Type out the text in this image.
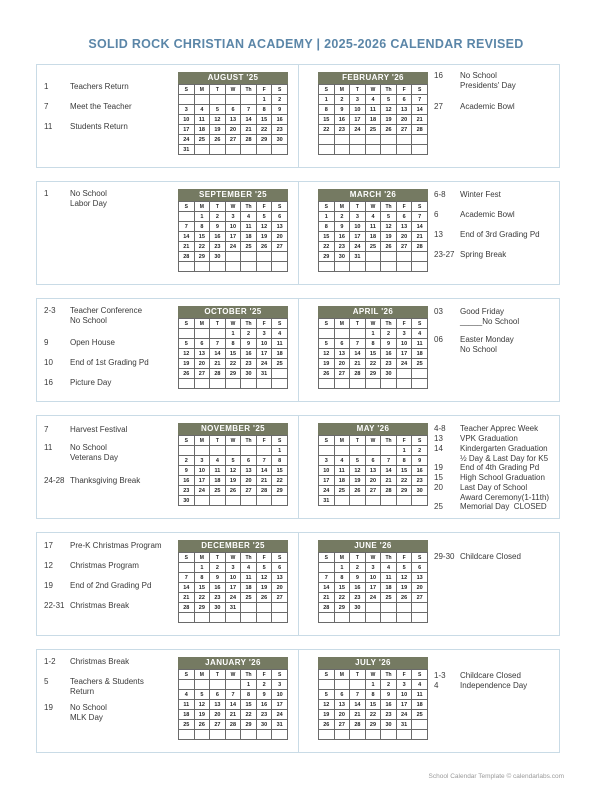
SOLID ROCK CHRISTIAN ACADEMY | 2025-2026 CALENDAR REVISED
1	Teachers Return
7	Meet the Teacher
11	Students Return
16	No School
Presidents' Day
27	Academic Bowl
AUGUST '25
S	M	T	W	Th	F	S
					1	2
3	4	5	6	7	8	9
10	11	12	13	14	15	16
17	18	19	20	21	22	23
24	25	26	27	28	29	30
31						
FEBRUARY '26
S	M	T	W	Th	F	S
1	2	3	4	5	6	7
8	9	10	11	12	13	14
15	16	17	18	19	20	21
22	23	24	25	26	27	28

1	No School
Labor Day
6-8	Winter Fest
6	Academic Bowl
13	End of 3rd Grading Pd
23-27 Spring Break
SEPTEMBER '25
S	M	T	W	Th	F	S
	1	2	3	4	5	6
7	8	9	10	11	12	13
14	15	16	17	18	19	20
21	22	23	24	25	26	27
28	29	30				

MARCH '26
S	M	T	W	Th	F	S
1	2	3	4	5	6	7
8	9	10	11	12	13	14
15	16	17	18	19	20	21
22	23	24	25	26	27	28
29	30	31				

2-3	Teacher Conference
No School
9	Open House
10	End of 1st Grading Pd
16	Picture Day
03	Good Friday
_____No School
06	Easter Monday
No School
OCTOBER '25
S	M	T	W	Th	F	S
			1	2	3	4
5	6	7	8	9	10	11
12	13	14	15	16	17	18
19	20	21	22	23	24	25
26	27	28	29	30	31	

APRIL '26
S	M	T	W	Th	F	S
			1	2	3	4
5	6	7	8	9	10	11
12	13	14	15	16	17	18
19	20	21	22	23	24	25
26	27	28	29	30		

7	Harvest Festival
11	No School
Veterans Day
24-28 Thanksgiving Break
4-8	Teacher Apprec Week
13	VPK Graduation
14	Kindergarten Graduation
½ Day & Last Day for K5
19	End of 4th Grading Pd
15	High School Graduation
20	Last Day of School
Award Ceremony(1-11th)
25	Memorial Day  CLOSED
NOVEMBER '25
S	M	T	W	Th	F	S
						1
2	3	4	5	6	7	8
9	10	11	12	13	14	15
16	17	18	19	20	21	22
23	24	25	26	27	28	29
30						
MAY '26
S	M	T	W	Th	F	S
					1	2
3	4	5	6	7	8	9
10	11	12	13	14	15	16
17	18	19	20	21	22	23
24	25	26	27	28	29	30
31						
17	Pre-K Christmas Program
12	Christmas Program
19	End of 2nd Grading Pd
22-31 Christmas Break
29-30 Childcare Closed
DECEMBER '25
S	M	T	W	Th	F	S
	1	2	3	4	5	6
7	8	9	10	11	12	13
14	15	16	17	18	19	20
21	22	23	24	25	26	27
28	29	30	31			

JUNE '26
S	M	T	W	Th	F	S
	1	2	3	4	5	6
7	8	9	10	11	12	13
14	15	16	17	18	19	20
21	22	23	24	25	26	27
28	29	30				

1-2	Christmas Break
5	Teachers & Students
Return
19	No School
MLK Day
1-3	Childcare Closed
4	Independence Day
JANUARY '26
S	M	T	W	Th	F	S
				1	2	3
4	5	6	7	8	9	10
11	12	13	14	15	16	17
18	19	20	21	22	23	24
25	26	27	28	29	30	31

JULY '26
S	M	T	W	Th	F	S
			1	2	3	4
5	6	7	8	9	10	11
12	13	14	15	16	17	18
19	20	21	22	23	24	25
26	27	28	29	30	31	

School Calendar Template © calendarlabs.com
